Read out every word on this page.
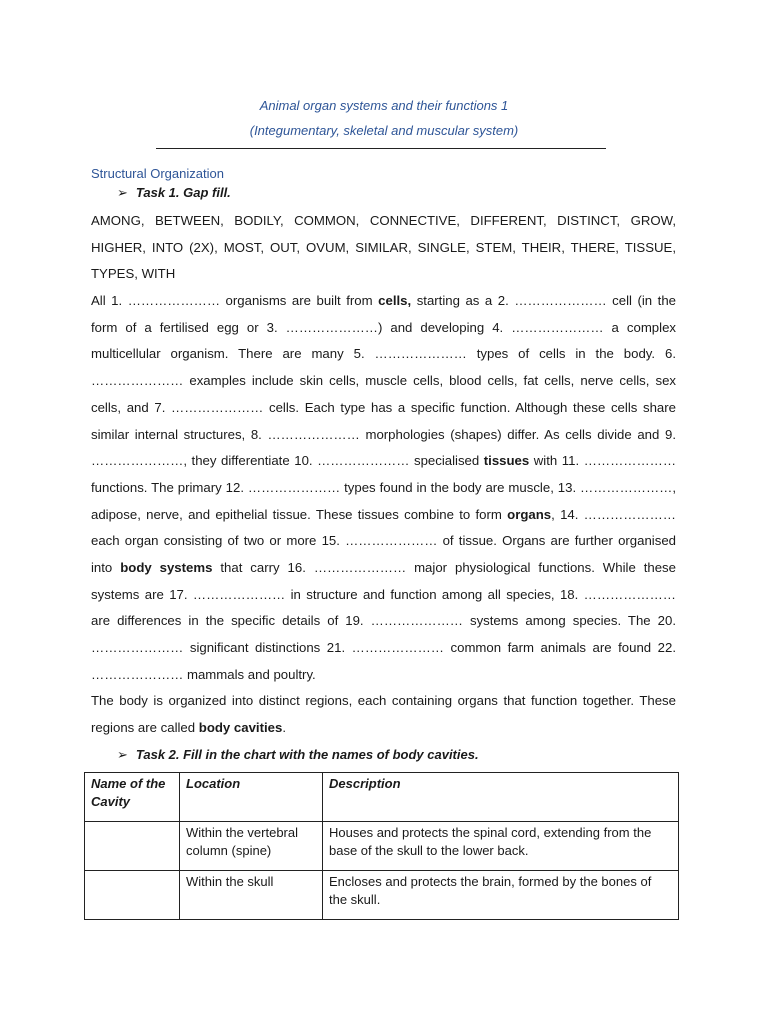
Animal organ systems and their functions 1
(Integumentary, skeletal and muscular system)
Structural Organization
➢ Task 1. Gap fill.

AMONG, BETWEEN, BODILY, COMMON, CONNECTIVE, DIFFERENT, DISTINCT, GROW, HIGHER, INTO (2X), MOST, OUT, OVUM, SIMILAR, SINGLE, STEM, THEIR, THERE, TISSUE, TYPES, WITH

All 1. ………………… organisms are built from cells, starting as a 2. ………………… cell (in the form of a fertilised egg or 3. …………………) and developing 4. ………………… a complex multicellular organism. There are many 5. ………………… types of cells in the body. 6. ………………… examples include skin cells, muscle cells, blood cells, fat cells, nerve cells, sex cells, and 7. ………………… cells. Each type has a specific function. Although these cells share similar internal structures, 8. ………………… morphologies (shapes) differ. As cells divide and 9. …………………, they differentiate 10. ………………… specialised tissues with 11. ………………… functions. The primary 12. ………………… types found in the body are muscle, 13. …………………, adipose, nerve, and epithelial tissue. These tissues combine to form organs, 14. ………………… each organ consisting of two or more 15. ………………… of tissue. Organs are further organised into body systems that carry 16. ………………… major physiological functions. While these systems are 17. ………………… in structure and function among all species, 18. ………………… are differences in the specific details of 19. ………………… systems among species. The 20. ………………… significant distinctions 21. ………………… common farm animals are found 22. ………………… mammals and poultry.

The body is organized into distinct regions, each containing organs that function together. These regions are called body cavities.

➢ Task 2. Fill in the chart with the names of body cavities.
Name of the Cavity	Location	Description
	Within the vertebral column (spine)	Houses and protects the spinal cord, extending from the base of the skull to the lower back.
	Within the skull	Encloses and protects the brain, formed by the bones of the skull.
